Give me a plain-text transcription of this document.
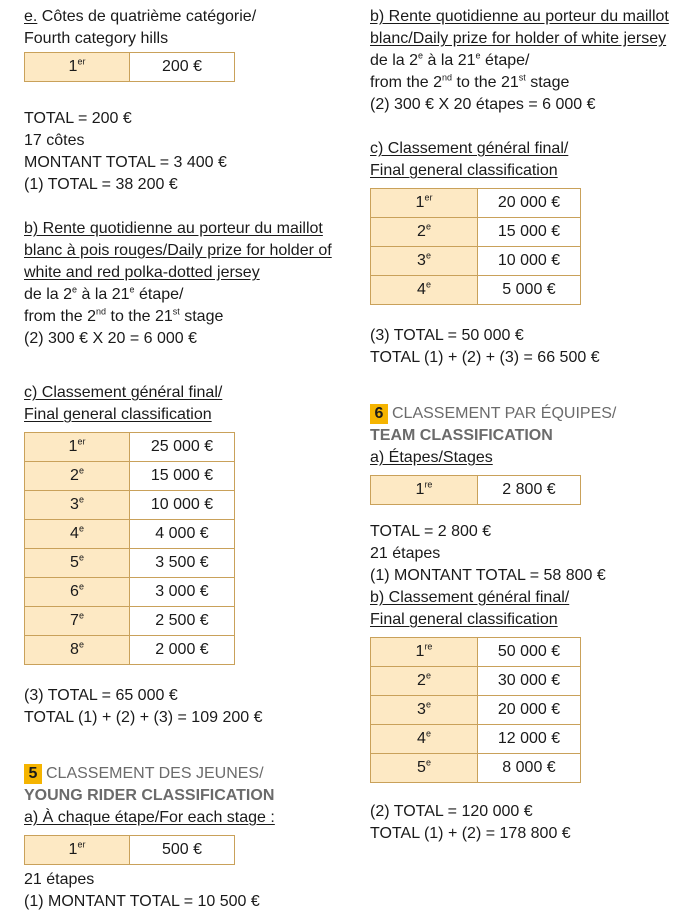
e. Côtes de quatrième catégorie/
Fourth category hills
1er	200 €
TOTAL = 200 €
17 côtes
MONTANT TOTAL = 3 400 €
(1) TOTAL = 38 200 €
b) Rente quotidienne au porteur du maillot
blanc à pois rouges/Daily prize for holder of
white and red polka-dotted jersey
de la 2e à la 21e étape/
from the 2nd to the 21st stage
(2) 300 € X 20 = 6 000 €
c) Classement général final/
Final general classification
1er	25 000 €
2e	15 000 €
3e	10 000 €
4e	4 000 €
5e	3 500 €
6e	3 000 €
7e	2 500 €
8e	2 000 €
(3) TOTAL = 65 000 €
TOTAL (1) + (2) + (3) = 109 200 €
5 CLASSEMENT DES JEUNES/
YOUNG RIDER CLASSIFICATION
a) À chaque étape/For each stage :
1er	500 €
21 étapes
(1) MONTANT TOTAL = 10 500 €
b) Rente quotidienne au porteur du maillot
blanc/Daily prize for holder of white jersey
de la 2e à la 21e étape/
from the 2nd to the 21st stage
(2) 300 € X 20 étapes = 6 000 €
c) Classement général final/
Final general classification
1er	20 000 €
2e	15 000 €
3e	10 000 €
4e	5 000 €
(3) TOTAL = 50 000 €
TOTAL (1) + (2) + (3) = 66 500 €
6 CLASSEMENT PAR ÉQUIPES/
TEAM CLASSIFICATION
a) Étapes/Stages
1re	2 800 €
TOTAL = 2 800 €
21 étapes
(1) MONTANT TOTAL = 58 800 €
b) Classement général final/
Final general classification
1re	50 000 €
2e	30 000 €
3e	20 000 €
4e	12 000 €
5e	8 000 €
(2) TOTAL = 120 000 €
TOTAL (1) + (2) = 178 800 €
